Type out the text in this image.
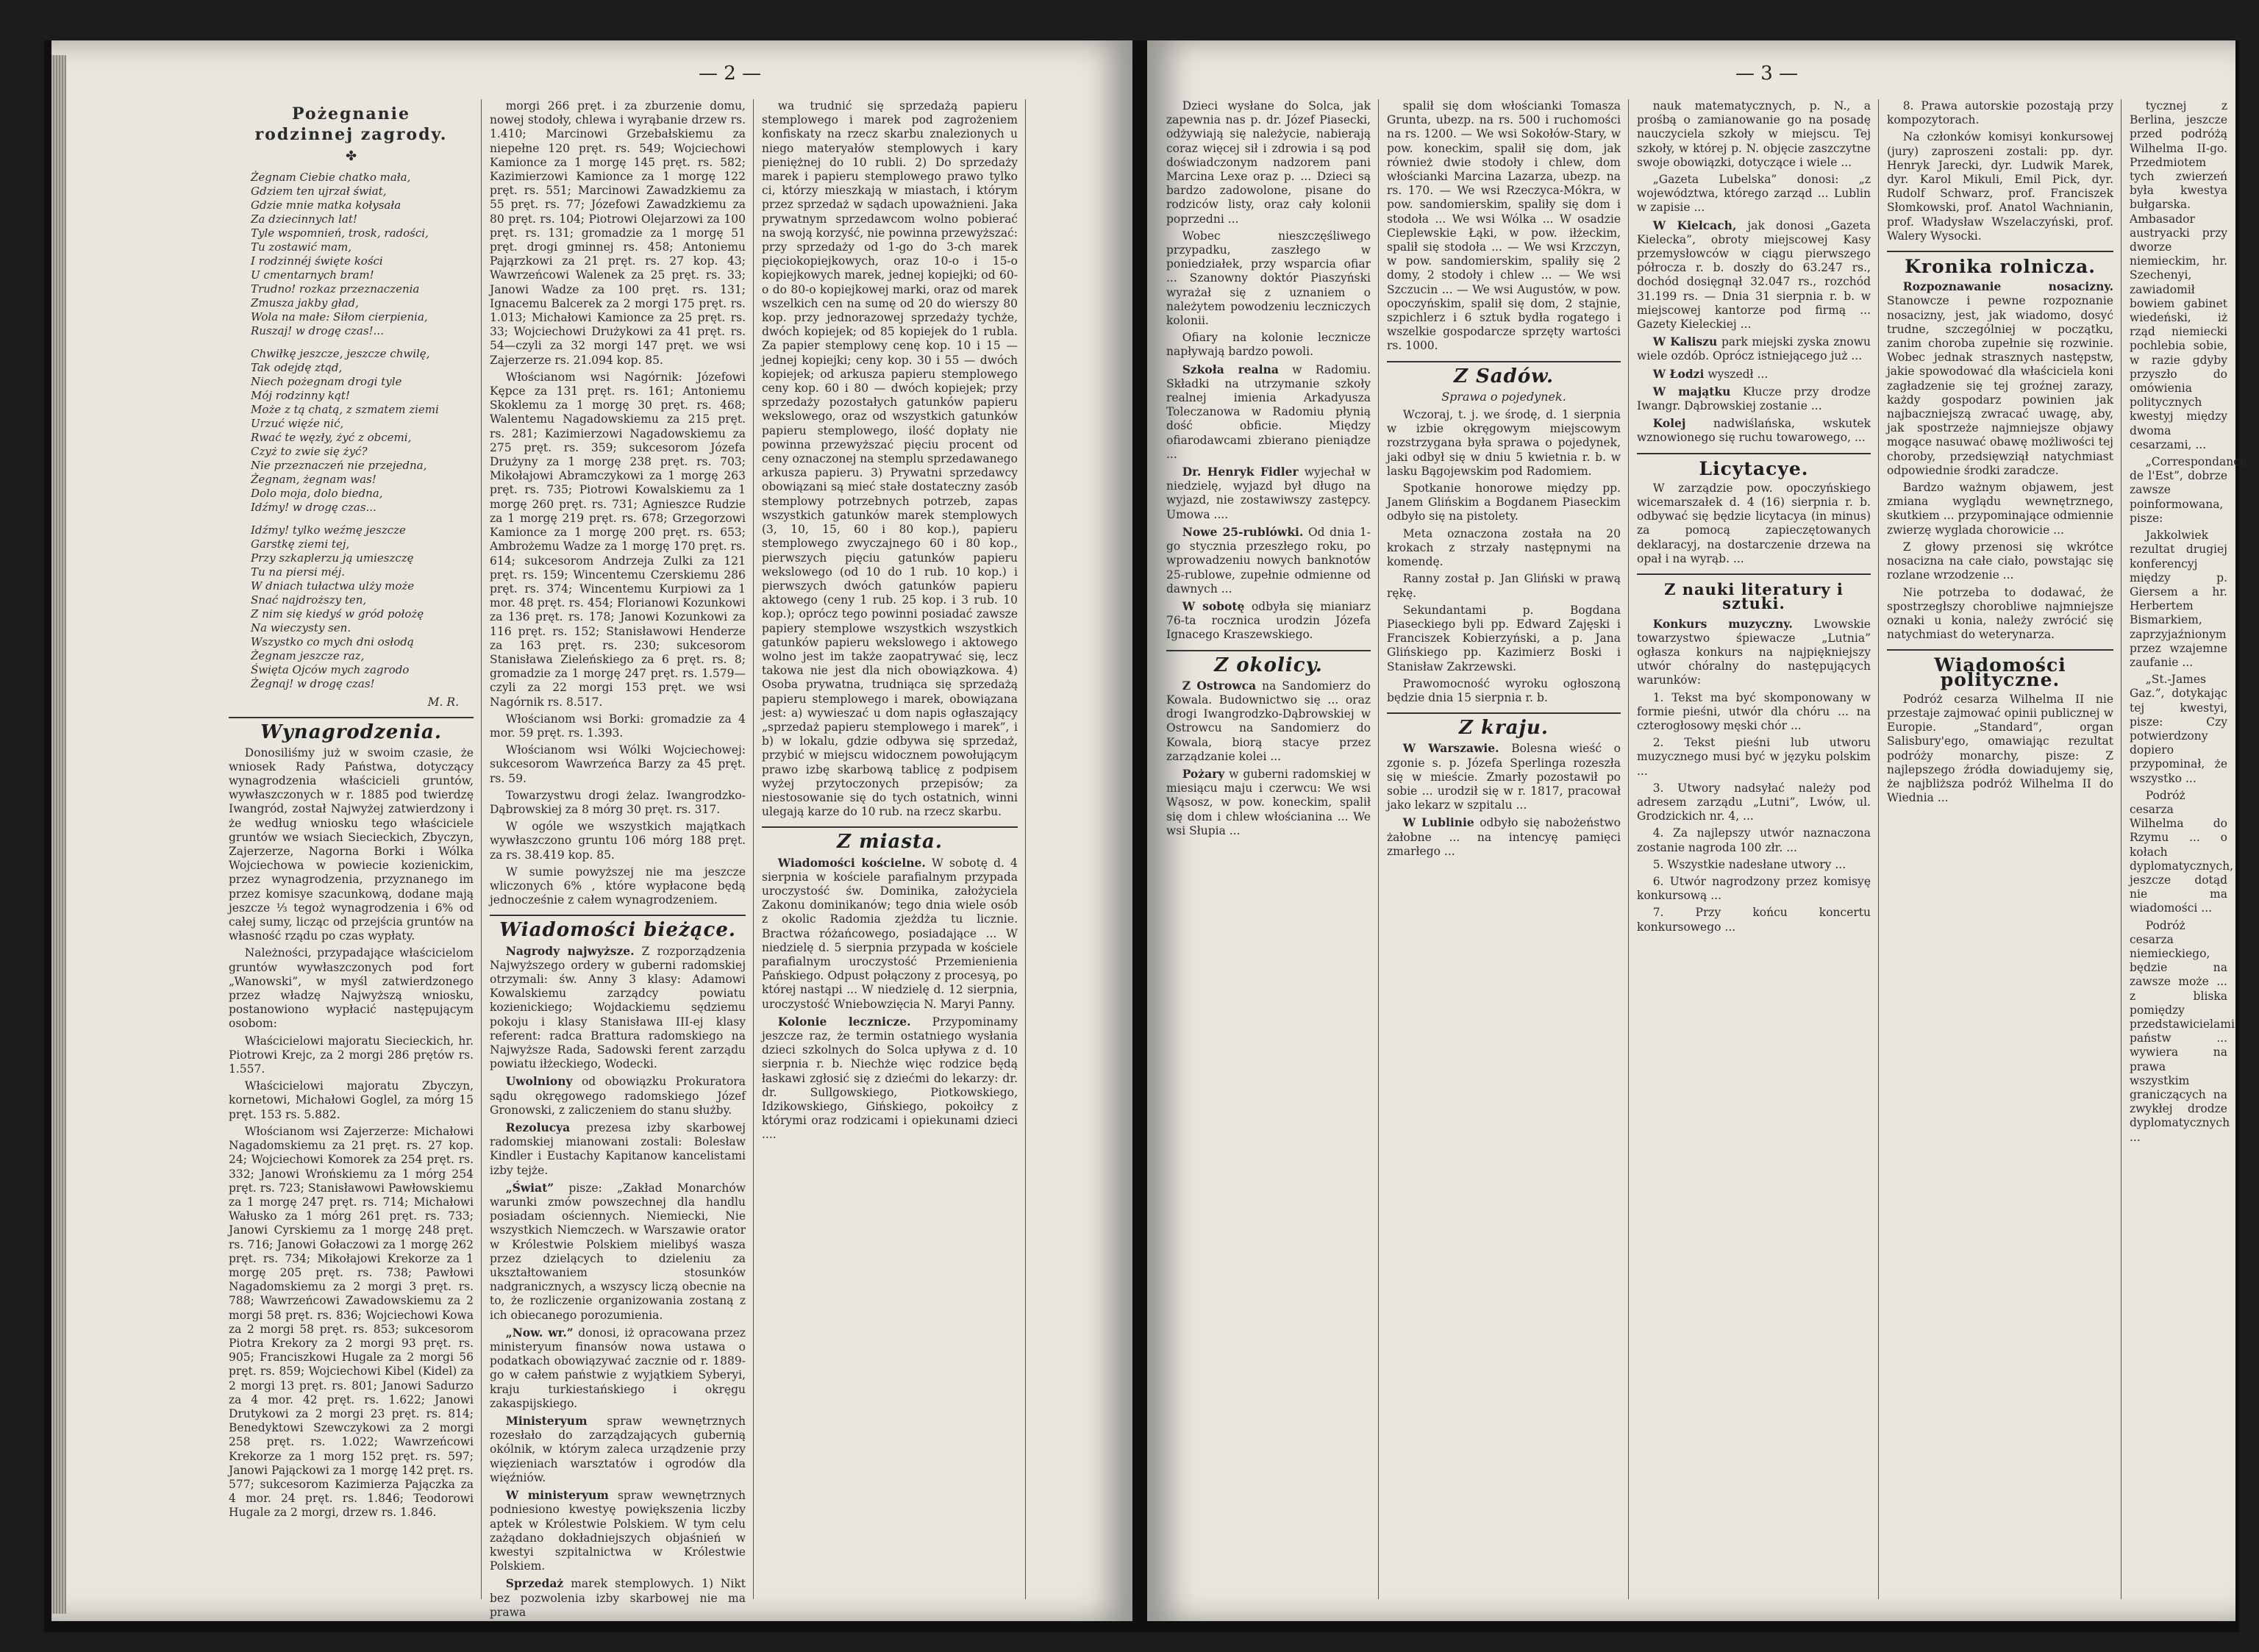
— 2 —
Pożegnanie
rodzinnej zagrody.
✤
Żegnam Ciebie chatko mała,
Gdziem ten ujrzał świat,
Gdzie mnie matka kołysała
Za dziecinnych lat!
Tyle wspomnień, trosk, radości,
Tu zostawić mam,
I rodzinnéj święte kości
U cmentarnych bram!
Trudno! rozkaz przeznaczenia
Zmusza jakby gład,
Wola na małe: Siłom cierpienia,
Ruszaj! w drogę czas!...
Chwiłkę jeszcze, jeszcze chwilę,
Tak odejdę ztąd,
Niech pożegnam drogi tyle
Mój rodzinny kąt!
Może z tą chatą, z szmatem ziemi
Urzuć więźe nić,
Rwać te węzły, żyć z obcemi,
Czyż to zwie się żyć?
Nie przeznaczeń nie przejedna,
Żegnam, żegnam was!
Dolo moja, dolo biedna,
Idźmy! w drogę czas...
Idźmy! tylko weźmę jeszcze
Garstkę ziemi tej,
Przy szkaplerzu ją umieszczę
Tu na piersi méj.
W dniach tułactwa ulży może
Snać najdroższy ten,
Z nim się kiedyś w gród położę
Na wieczysty sen.
Wszystko co mych dni osłodą
Żegnam jeszcze raz,
Święta Ojców mych zagrodo
Żegnaj! w drogę czas!
M. R.
Wynagrodzenia.

Donosiliśmy już w swoim czasie, że wniosek Rady Państwa, dotyczący wynagrodzenia właścicieli gruntów, wywłaszczonych w r. 1885 pod twierdzę Iwangród, został Najwyżej zatwierdzony i że według wniosku tego właściciele gruntów we wsiach Siecieckich, Zbyczyn, Zajerzerze, Nagorna Borki i Wólka Wojciechowa w powiecie kozienickim, przez wynagrodzenia, przyznanego im przez komisye szacunkową, dodane mają jeszcze ⅓ tegoż wynagrodzenia i 6% od całej sumy, licząc od przejścia gruntów na własność rządu po czas wypłaty.

Należności, przypadające właścicielom gruntów wywłaszczonych pod fort „Wanowski”, w myśl zatwierdzonego przez władzę Najwyższą wniosku, postanowiono wypłacić następującym osobom:

Właścicielowi majoratu Siecieckich, hr. Piotrowi Krejc, za 2 morgi 286 prętów rs. 1.557.

Właścicielowi majoratu Zbyczyn, kornetowi, Michałowi Goglel, za mórg 15 pręt. 153 rs. 5.882.

Włościanom wsi Zajerzerze: Michałowi Nagadomskiemu za 21 pręt. rs. 27 kop. 24; Wojciechowi Komorek za 254 pręt. rs. 332; Janowi Wrońskiemu za 1 mórg 254 pręt. rs. 723; Stanisławowi Pawłowskiemu za 1 morgę 247 pręt. rs. 714; Michałowi Wałusko za 1 mórg 261 pręt. rs. 733; Janowi Cyrskiemu za 1 morgę 248 pręt. rs. 716; Janowi Gołaczowi za 1 morgę 262 pręt. rs. 734; Mikołajowi Krekorze za 1 morgę 205 pręt. rs. 738; Pawłowi Nagadomskiemu za 2 morgi 3 pręt. rs. 788; Wawrzeńcowi Zawadowskiemu za 2 morgi 58 pręt. rs. 836; Wojciechowi Kowa za 2 morgi 58 pręt. rs. 853; sukcesorom Piotra Krekory za 2 morgi 93 pręt. rs. 905; Franciszkowi Hugale za 2 morgi 56 pręt. rs. 859; Wojciechowi Kibel (Kidel) za 2 morgi 13 pręt. rs. 801; Janowi Sadurzo za 4 mor. 42 pręt. rs. 1.622; Janowi Drutykowi za 2 morgi 23 pręt. rs. 814; Benedyktowi Szewczykowi za 2 morgi 258 pręt. rs. 1.022; Wawrzeńcowi Krekorze za 1 morg 152 pręt. rs. 597; Janowi Pająckowi za 1 morgę 142 pręt. rs. 577; sukcesorom Kazimierza Pajączka za 4 mor. 24 pręt. rs. 1.846; Teodorowi Hugale za 2 morgi, drzew rs. 1.846.

morgi 266 pręt. i za zburzenie domu, nowej stodoły, chlewa i wyrąbanie drzew rs. 1.410; Marcinowi Grzebałskiemu za niepełne 120 pręt. rs. 549; Wojciechowi Kamionce za 1 morgę 145 pręt. rs. 582; Kazimierzowi Kamionce za 1 morgę 122 pręt. rs. 551; Marcinowi Zawadzkiemu za 55 pręt. rs. 77; Józefowi Zawadzkiemu za 80 pręt. rs. 104; Piotrowi Olejarzowi za 100 pręt. rs. 131; gromadzie za 1 morgę 51 pręt. drogi gminnej rs. 458; Antoniemu Pająrzkowi za 21 pręt. rs. 27 kop. 43; Wawrzeńcowi Walenek za 25 pręt. rs. 33; Janowi Wadze za 100 pręt. rs. 131; Ignacemu Balcerek za 2 morgi 175 pręt. rs. 1.013; Michałowi Kamionce za 25 pręt. rs. 33; Wojciechowi Drużykowi za 41 pręt. rs. 54—czyli za 32 morgi 147 pręt. we wsi Zajerzerze rs. 21.094 kop. 85.

Włościanom wsi Nagórnik: Józefowi Kępce za 131 pręt. rs. 161; Antoniemu Skoklemu za 1 morgę 30 pręt. rs. 468; Walentemu Nagadowskiemu za 215 pręt. rs. 281; Kazimierzowi Nagadowskiemu za 275 pręt. rs. 359; sukcesorom Józefa Drużyny za 1 morgę 238 pręt. rs. 703; Mikołajowi Abramczykowi za 1 morgę 263 pręt. rs. 735; Piotrowi Kowalskiemu za 1 morgę 260 pręt. rs. 731; Agnieszce Rudzie za 1 morgę 219 pręt. rs. 678; Grzegorzowi Kamionce za 1 morgę 200 pręt. rs. 653; Ambrożemu Wadze za 1 morgę 170 pręt. rs. 614; sukcesorom Andrzeja Zulki za 121 pręt. rs. 159; Wincentemu Czerskiemu 286 pręt. rs. 374; Wincentemu Kurpiowi za 1 mor. 48 pręt. rs. 454; Florianowi Kozunkowi za 136 pręt. rs. 178; Janowi Kozunkowi za 116 pręt. rs. 152; Stanisławowi Henderze za 163 pręt. rs. 230; sukcesorom Stanisława Zieleńskiego za 6 pręt. rs. 8; gromadzie za 1 morgę 247 pręt. rs. 1.579—czyli za 22 morgi 153 pręt. we wsi Nagórnik rs. 8.517.

Włościanom wsi Borki: gromadzie za 4 mor. 59 pręt. rs. 1.393.

Włościanom wsi Wólki Wojciechowej: sukcesorom Wawrzeńca Barzy za 45 pręt. rs. 59.

Towarzystwu drogi żelaz. Iwangrodzko-Dąbrowskiej za 8 mórg 30 pręt. rs. 317.

W ogóle we wszystkich majątkach wywłaszczono gruntu 106 mórg 188 pręt. za rs. 38.419 kop. 85.

W sumie powyższej nie ma jeszcze wliczonych 6% , które wypłacone będą jednocześnie z całem wynagrodzeniem.

Wiadomości bieżące.

Nagrody najwyższe. Z rozporządzenia Najwyższego ordery w guberni radomskiej otrzymali: św. Anny 3 klasy: Adamowi Kowalskiemu zarządcy powiatu kozienickiego; Wojdackiemu sędziemu pokoju i klasy Stanisława III-ej klasy referent: radca Brattura radomskiego na Najwyższe Rada, Sadowski ferent zarządu powiatu iłżeckiego, Wodecki.

Uwolniony od obowiązku Prokuratora sądu okręgowego radomskiego Józef Gronowski, z zaliczeniem do stanu służby.

Rezolucya prezesa izby skarbowej radomskiej mianowani zostali: Bolesław Kindler i Eustachy Kapitanow kancelistami izby tejże.

„Świat” pisze: „Zakład Monarchów warunki zmów powszechnej dla handlu posiadam ościennych. Niemiecki, Nie wszystkich Niemczech. w Warszawie orator w Królestwie Polskiem mielibyś wasza przez dzielących to dzieleniu za ukształtowaniem stosunków nadgranicznych, a wszyscy liczą obecnie na to, że rozliczenie organizowania zostaną z ich obiecanego porozumienia.

„Now. wr.” donosi, iż opracowana przez ministeryum finansów nowa ustawa o podatkach obowiązywać zacznie od r. 1889-go w całem państwie z wyjątkiem Syberyi, kraju turkiestańskiego i okręgu zakaspijskiego.

Ministeryum spraw wewnętrznych rozesłało do zarządzających gubernią okólnik, w którym zaleca urządzenie przy więzieniach warsztatów i ogrodów dla więźniów.

W ministeryum spraw wewnętrznych podniesiono kwestyę powiększenia liczby aptek w Królestwie Polskiem. W tym celu zażądano dokładniejszych objaśnień w kwestyi szpitalnictwa w Królestwie Polskiem.

Sprzedaż marek stemplowych. 1) Nikt bez pozwolenia izby skarbowej nie ma prawa

wa trudnić się sprzedażą papieru stemplowego i marek pod zagrożeniem konfiskaty na rzecz skarbu znalezionych u niego materyałów stemplowych i kary pieniężnej do 10 rubli. 2) Do sprzedaży marek i papieru stemplowego prawo tylko ci, którzy mieszkają w miastach, i którym przez sprzedaż w sądach upoważnieni. Jaka prywatnym sprzedawcom wolno pobierać na swoją korzyść, nie powinna przewyższać: przy sprzedaży od 1-go do 3-ch marek pięciokopiejkowych, oraz 10-o i 15-o kopiejkowych marek, jednej kopiejki; od 60-o do 80-o kopiejkowej marki, oraz od marek wszelkich cen na sumę od 20 do wierszy 80 kop. przy jednorazowej sprzedaży tychże, dwóch kopiejek; od 85 kopiejek do 1 rubla. Za papier stemplowy cenę kop. 10 i 15 — jednej kopiejki; ceny kop. 30 i 55 — dwóch kopiejek; od arkusza papieru stemplowego ceny kop. 60 i 80 — dwóch kopiejek; przy sprzedaży pozostałych gatunków papieru wekslowego, oraz od wszystkich gatunków papieru stemplowego, ilość dopłaty nie powinna przewyższać pięciu procent od ceny oznaczonej na stemplu sprzedawanego arkusza papieru. 3) Prywatni sprzedawcy obowiązani są mieć stałe dostateczny zasób stemplowy potrzebnych potrzeb, zapas wszystkich gatunków marek stemplowych (3, 10, 15, 60 i 80 kop.), papieru stemplowego zwyczajnego 60 i 80 kop., pierwszych pięciu gatunków papieru wekslowego (od 10 do 1 rub. 10 kop.) i pierwszych dwóch gatunków papieru aktowego (ceny 1 rub. 25 kop. i 3 rub. 10 kop.); oprócz tego powinni posiadać zawsze papiery stemplowe wszystkich wszystkich gatunków papieru wekslowego i aktowego wolno jest im także zaopatrywać się, lecz takowa nie jest dla nich obowiązkowa. 4) Osoba prywatna, trudniąca się sprzedażą papieru stemplowego i marek, obowiązana jest: a) wywieszać u dom napis ogłaszający „sprzedaż papieru stemplowego i marek”, i b) w lokalu, gdzie odbywa się sprzedaż, przybić w miejscu widocznem powołującym prawo izbę skarbową tablicę z podpisem wyżej przytoczonych przepisów; za niestosowanie się do tych ostatnich, winni ulegają karze do 10 rub. na rzecz skarbu.

Z miasta.

Wiadomości kościelne. W sobotę d. 4 sierpnia w kościele parafialnym przypada uroczystość św. Dominika, założyciela Zakonu dominikanów; tego dnia wiele osób z okolic Radomia zjeżdża tu licznie. Bractwa różańcowego, posiadające ... W niedzielę d. 5 sierpnia przypada w kościele parafialnym uroczystość Przemienienia Pańskiego. Odpust połączony z procesyą, po której nastąpi ... W niedzielę d. 12 sierpnia, uroczystość Wniebowzięcia N. Maryi Panny.

Kolonie lecznicze. Przypominamy jeszcze raz, że termin ostatniego wysłania dzieci szkolnych do Solca upływa z d. 10 sierpnia r. b. Niechże więc rodzice będą łaskawi zgłosić się z dziećmi do lekarzy: dr. dr. Sullgowskiego, Piotkowskiego, Idzikowskiego, Gińskiego, pokoiłcy z którymi oraz rodzicami i opiekunami dzieci ....

— 3 —

Dzieci wysłane do Solca, jak zapewnia nas p. dr. Józef Piasecki, odżywiają się należycie, nabierają coraz więcej sił i zdrowia i są pod doświadczonym nadzorem pani Marcina Lexe oraz p. ... Dzieci są bardzo zadowolone, pisane do rodziców listy, oraz cały kolonii poprzedni ...

Wobec nieszczęśliwego przypadku, zaszłego w poniedziałek, przy wsparcia ofiar ... Szanowny doktór Piaszyński wyrażał się z uznaniem o należytem powodzeniu leczniczych kolonii.

Ofiary na kolonie lecznicze napływają bardzo powoli.

Szkoła realna w Radomiu. Składki na utrzymanie szkoły realnej imienia Arkadyusza Toleczanowa w Radomiu płynią dość obficie. Między ofiarodawcami zbierano pieniądze ...

Dr. Henryk Fidler wyjechał w niedzielę, wyjazd był długo na wyjazd, nie zostawiwszy zastępcy. Umowa ....

Nowe 25-rublówki. Od dnia 1-go stycznia przeszłego roku, po wprowadzeniu nowych banknotów 25-rublowe, zupełnie odmienne od dawnych ...

W sobotę odbyła się mianiarz 76-ta rocznica urodzin Józefa Ignacego Kraszewskiego.

Z okolicy.

Z Ostrowca na Sandomierz do Kowala. Budownictwo się ... oraz drogi Iwangrodzko-Dąbrowskiej w Ostrowcu na Sandomierz do Kowala, biorą stacye przez zarządzanie kolei ...

Pożary w guberni radomskiej w miesiącu maju i czerwcu: We wsi Wąsosz, w pow. koneckim, spalił się dom i chlew włościanina ... We wsi Słupia ...

spalił się dom włościanki Tomasza Grunta, ubezp. na rs. 500 i ruchomości na rs. 1200. — We wsi Sokołów-Stary, w pow. koneckim, spalił się dom, jak również dwie stodoły i chlew, dom włościanki Marcina Lazarza, ubezp. na rs. 170. — We wsi Rzeczyca-Mókra, w pow. sandomierskim, spaliły się dom i stodoła ... We wsi Wólka ... W osadzie Cieplewskie Łąki, w pow. iłżeckim, spalił się stodoła ... — We wsi Krzczyn, w pow. sandomierskim, spaliły się 2 domy, 2 stodoły i chlew ... — We wsi Szczucin ... — We wsi Augustów, w pow. opoczyńskim, spalił się dom, 2 stajnie, szpichlerz i 6 sztuk bydła rogatego i wszelkie gospodarcze sprzęty wartości rs. 1000.

Z Sadów.
Sprawa o pojedynek.

Wczoraj, t. j. we środę, d. 1 sierpnia w izbie okręgowym miejscowym rozstrzygana była sprawa o pojedynek, jaki odbył się w dniu 5 kwietnia r. b. w lasku Bągojewskim pod Radomiem.

Spotkanie honorowe między pp. Janem Glińskim a Bogdanem Piaseckim odbyło się na pistolety.

Meta oznaczona została na 20 krokach z strzały następnymi na komendę.

Ranny został p. Jan Gliński w prawą rękę.

Sekundantami p. Bogdana Piaseckiego byli pp. Edward Zajęski i Franciszek Kobierzyński, a p. Jana Glińskiego pp. Kazimierz Boski i Stanisław Zakrzewski.

Prawomocność wyroku ogłoszoną będzie dnia 15 sierpnia r. b.

Z kraju.

W Warszawie. Bolesna wieść o zgonie s. p. Józefa Sperlinga rozeszła się w mieście. Zmarły pozostawił po sobie ... urodził się w r. 1817, pracował jako lekarz w szpitalu ...

W Lublinie odbyło się nabożeństwo żałobne ... na intencyę pamięci zmarłego ...

nauk matematycznych, p. N., a prośbą o zamianowanie go na posadę nauczyciela szkoły w miejscu. Tej szkoły, w której p. N. objęcie zaszczytne swoje obowiązki, dotyczące i wiele ...

„Gazeta Lubelska” donosi: „z województwa, którego zarząd ... Lublin w zapisie ...

W Kielcach, jak donosi „Gazeta Kielecka”, obroty miejscowej Kasy przemysłowców w ciągu pierwszego półrocza r. b. doszły do 63.247 rs., dochód dosięgnął 32.047 rs., rozchód 31.199 rs. — Dnia 31 sierpnia r. b. w miejscowej kantorze pod firmą ... Gazety Kieleckiej ...

W Kaliszu park miejski zyska znowu wiele ozdób. Oprócz istniejącego już ...

W Łodzi wyszedł ...

W majątku Kłucze przy drodze Iwangr. Dąbrowskiej zostanie ...

Kolej nadwiślańska, wskutek wznowionego się ruchu towarowego, ...

Licytacye.

W zarządzie pow. opoczyńskiego wicemarszałek d. 4 (16) sierpnia r. b. odbywać się będzie licytacya (in minus) za pomocą zapieczętowanych deklaracyj, na dostarczenie drzewa na opał i na wyrąb. ...

Z nauki literatury i sztuki.

Konkurs muzyczny. Lwowskie towarzystwo śpiewacze „Lutnia” ogłasza konkurs na najpiękniejszy utwór chóralny do następujących warunków:

1. Tekst ma być skomponowany w formie pieśni, utwór dla chóru ... na czterogłosowy męski chór ...

2. Tekst pieśni lub utworu muzycznego musi być w języku polskim ...

3. Utwory nadsyłać należy pod adresem zarządu „Lutni”, Lwów, ul. Grodzickich nr. 4, ...

4. Za najlepszy utwór naznaczona zostanie nagroda 100 złr. ...

5. Wszystkie nadesłane utwory ...

6. Utwór nagrodzony przez komisyę konkursową ...

7. Przy końcu koncertu konkursowego ...

8. Prawa autorskie pozostają przy kompozytorach.

Na członków komisyi konkursowej (jury) zaproszeni zostali: pp. dyr. Henryk Jarecki, dyr. Ludwik Marek, dyr. Karol Mikuli, Emil Pick, dyr. Rudolf Schwarz, prof. Franciszek Słomkowski, prof. Anatol Wachnianin, prof. Władysław Wszelaczyński, prof. Walery Wysocki.

Kronika rolnicza.

Rozpoznawanie nosacizny. Stanowcze i pewne rozpoznanie nosacizny, jest, jak wiadomo, dosyć trudne, szczególniej w początku, zanim choroba zupełnie się rozwinie. Wobec jednak strasznych następstw, jakie spowodować dla właściciela koni zagładzenie się tej groźnej zarazy, każdy gospodarz powinien jak najbaczniejszą zwracać uwagę, aby, jak spostrzeże najmniejsze objawy mogące nasuwać obawę możliwości tej choroby, przedsięwziął natychmiast odpowiednie środki zaradcze.

Bardzo ważnym objawem, jest zmiana wyglądu wewnętrznego, skutkiem ... przypominające odmiennie zwierzę wyglada chorowicie ...

Z głowy przenosi się wkrótce nosacizna na całe ciało, powstając się rozlane wrzodzenie ...

Nie potrzeba to dodawać, że spostrzegłszy chorobliwe najmniejsze oznaki u konia, należy zwrócić się natychmiast do weterynarza.

Wiadomości polityczne.

Podróż cesarza Wilhelma II nie przestaje zajmować opinii publicznej w Europie. „Standard”, organ Salisbury'ego, omawiając rezultat podróży monarchy, pisze: Z najlepszego źródła dowiadujemy się, że najbliższa podróż Wilhelma II do Wiednia ...

tycznej z Berlina, jeszcze przed podróżą Wilhelma II-go. Przedmiotem tych zwierzeń była kwestya bułgarska. Ambasador austryacki przy dworze niemieckim, hr. Szechenyi, zawiadomił bowiem gabinet wiedeński, iż rząd niemiecki pochlebia sobie, w razie gdyby przyszło do omówienia politycznych kwestyj między dwoma cesarzami, ...

„Correspondance de l'Est”, dobrze zawsze poinformowana, pisze:

Jakkolwiek rezultat drugiej konferencyj między p. Giersem a hr. Herbertem Bismarkiem, zaprzyjaźnionym przez wzajemne zaufanie ...

„St.-James Gaz.”, dotykając tej kwestyi, pisze: Czy potwierdzony dopiero przypominał, że wszystko ...

Podróż cesarza Wilhelma do Rzymu ... o kołach dyplomatycznych, jeszcze dotąd nie ma wiadomości ...

Podróż cesarza niemieckiego, będzie na zawsze może ... z bliska pomiędzy przedstawicielami państw ... wywiera na prawa wszystkim graniczących na zwykłej drodze dyplomatycznych ...
